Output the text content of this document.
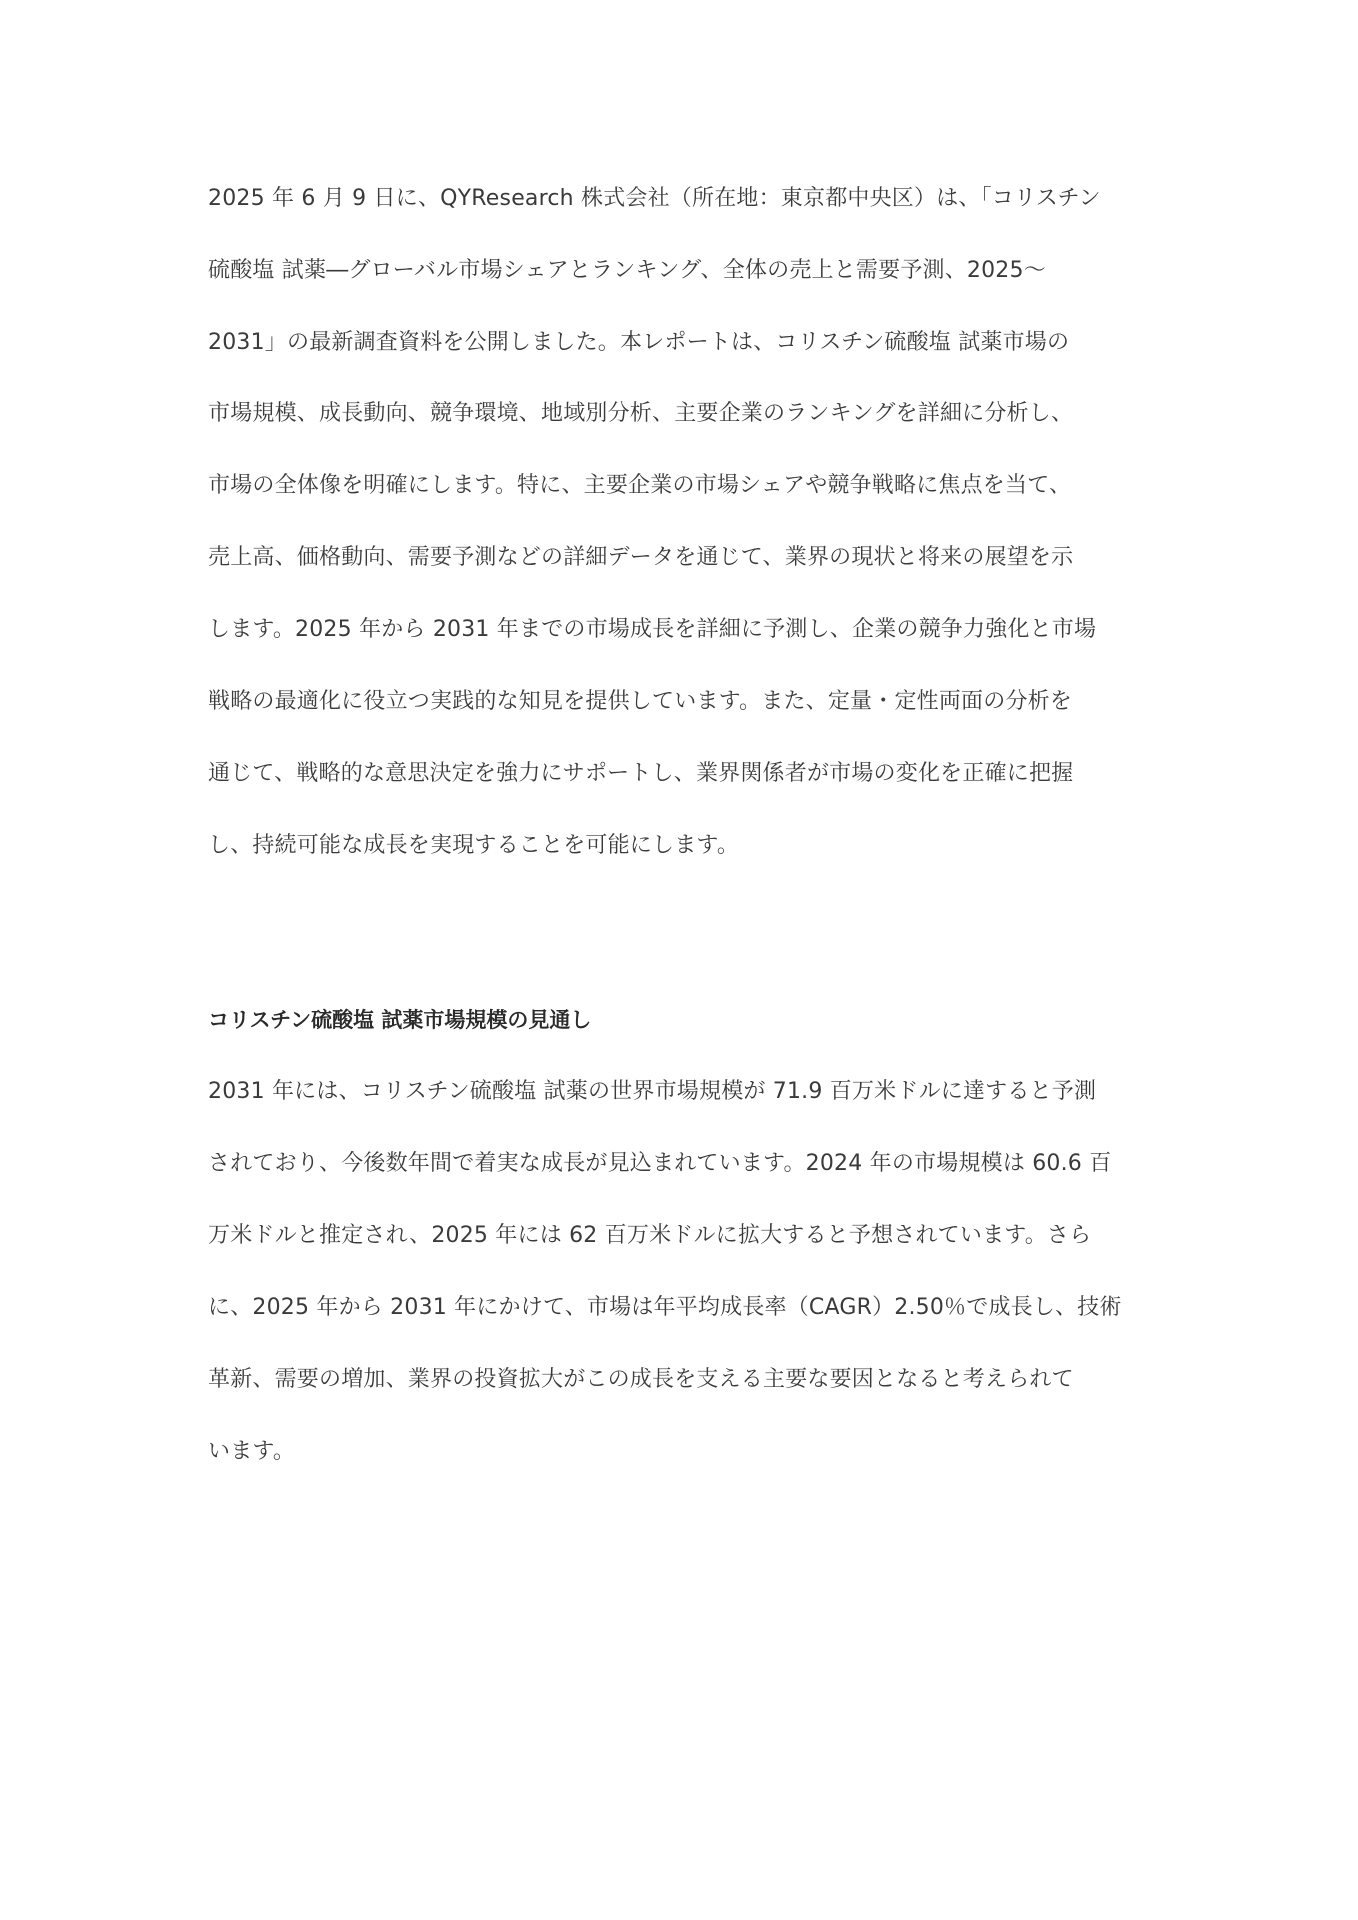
2025 年 6 月 9 日に、QYResearch 株式会社（所在地：東京都中央区）は、「コリスチン
硫酸塩 試薬―グローバル市場シェアとランキング、全体の売上と需要予測、2025～
2031」の最新調査資料を公開しました。本レポートは、コリスチン硫酸塩 試薬市場の
市場規模、成長動向、競争環境、地域別分析、主要企業のランキングを詳細に分析し、
市場の全体像を明確にします。特に、主要企業の市場シェアや競争戦略に焦点を当て、
売上高、価格動向、需要予測などの詳細データを通じて、業界の現状と将来の展望を示
します。2025 年から 2031 年までの市場成長を詳細に予測し、企業の競争力強化と市場
戦略の最適化に役立つ実践的な知見を提供しています。また、定量・定性両面の分析を
通じて、戦略的な意思決定を強力にサポートし、業界関係者が市場の変化を正確に把握
し、持続可能な成長を実現することを可能にします。
コリスチン硫酸塩 試薬市場規模の見通し
2031 年には、コリスチン硫酸塩 試薬の世界市場規模が 71.9 百万米ドルに達すると予測
されており、今後数年間で着実な成長が見込まれています。2024 年の市場規模は 60.6 百
万米ドルと推定され、2025 年には 62 百万米ドルに拡大すると予想されています。さら
に、2025 年から 2031 年にかけて、市場は年平均成長率（CAGR）2.50％で成長し、技術
革新、需要の増加、業界の投資拡大がこの成長を支える主要な要因となると考えられて
います。
